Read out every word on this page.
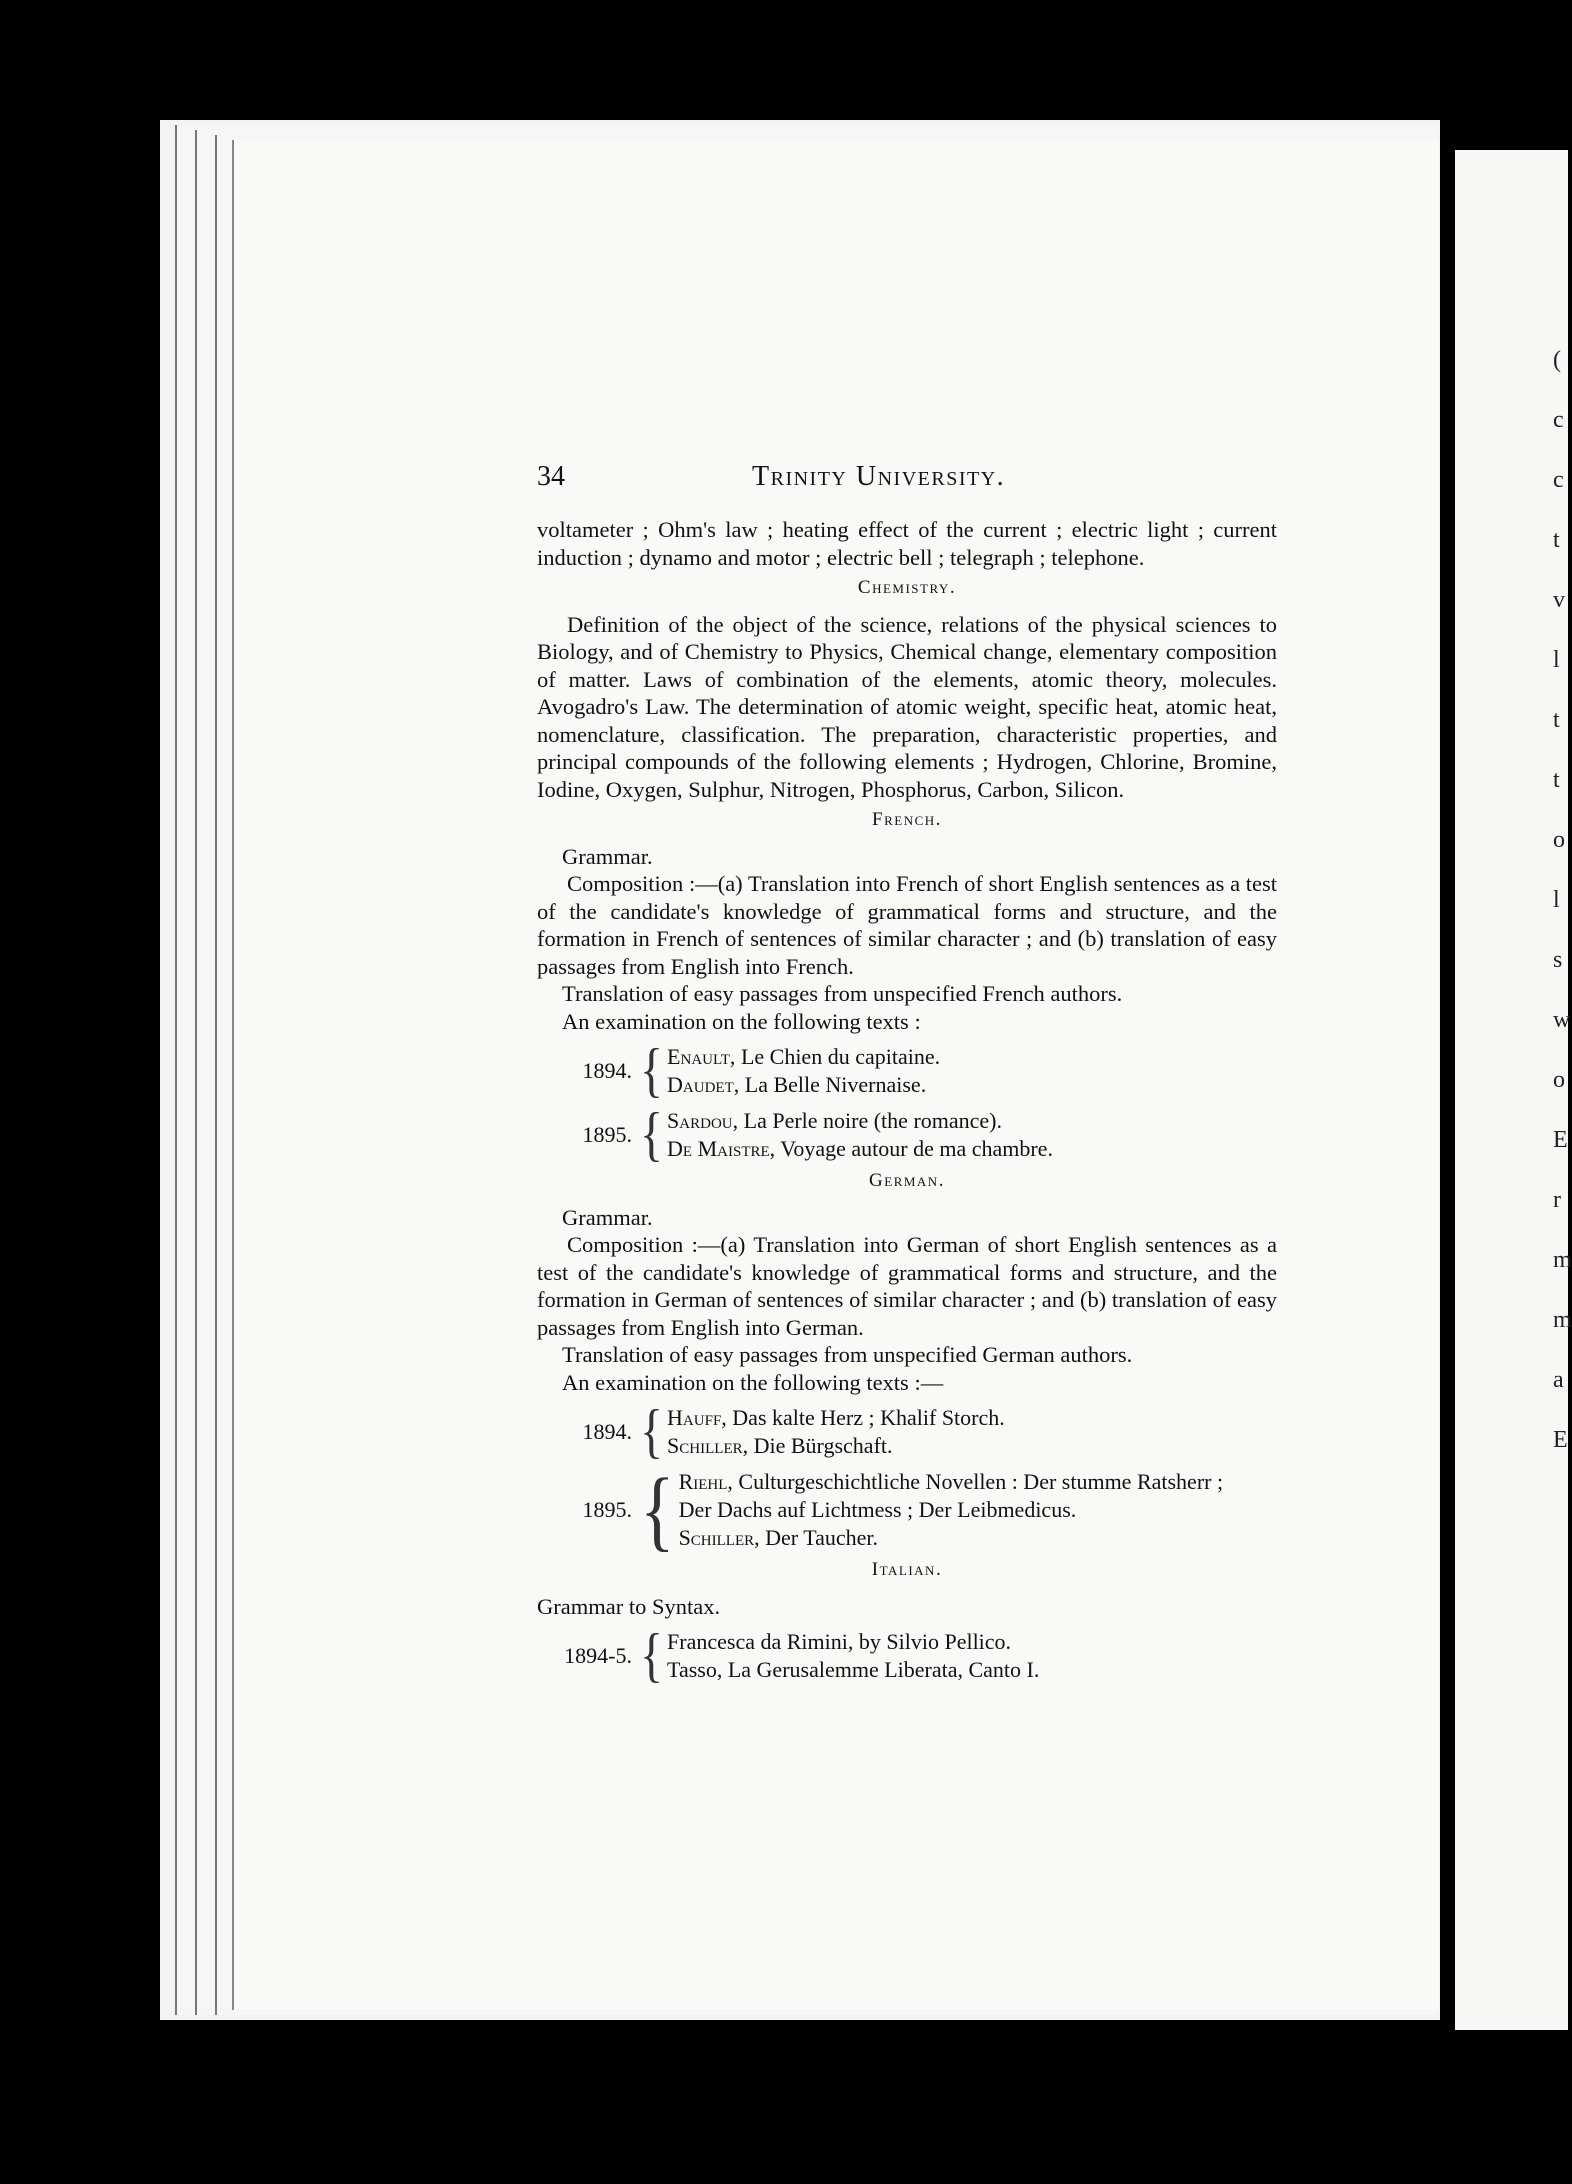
(
c
c
t
v
l
t
t
o
l
s
w
o
E
r
m
m
a
E
34	Trinity University.

voltameter ; Ohm's law ; heating effect of the current ; electric light ; current induction ; dynamo and motor ; electric bell ; telegraph ; telephone.

Chemistry.

Definition of the object of the science, relations of the physical sciences to Biology, and of Chemistry to Physics, Chemical change, elementary composition of matter. Laws of combination of the elements, atomic theory, molecules. Avogadro's Law. The determination of atomic weight, specific heat, atomic heat, nomenclature, classification. The preparation, characteristic properties, and principal compounds of the following elements ; Hydrogen, Chlorine, Bromine, Iodine, Oxygen, Sulphur, Nitrogen, Phosphorus, Carbon, Silicon.

French.
Grammar.

Composition :—(a) Translation into French of short English sentences as a test of the candidate's knowledge of grammatical forms and structure, and the formation in French of sentences of similar character ; and (b) translation of easy passages from English into French.

Translation of easy passages from unspecified French authors.
An examination on the following texts :
1894. { Enault, Le Chien du capitaine.
Daudet, La Belle Nivernaise.
1895. { Sardou, La Perle noire (the romance).
De Maistre, Voyage autour de ma chambre.
German.
Grammar.

Composition :—(a) Translation into German of short English sentences as a test of the candidate's knowledge of grammatical forms and structure, and the formation in German of sentences of similar character ; and (b) translation of easy passages from English into German.

Translation of easy passages from unspecified German authors.
An examination on the following texts :—
1894. { Hauff, Das kalte Herz ; Khalif Storch.
Schiller, Die Bürgschaft.
1895. { Riehl, Culturgeschichtliche Novellen : Der stumme Ratsherr ; Der Dachs auf Lichtmess ; Der Leibmedicus.
Schiller, Der Taucher.
Italian.
Grammar to Syntax.
1894-5. { Francesca da Rimini, by Silvio Pellico.
Tasso, La Gerusalemme Liberata, Canto I.
